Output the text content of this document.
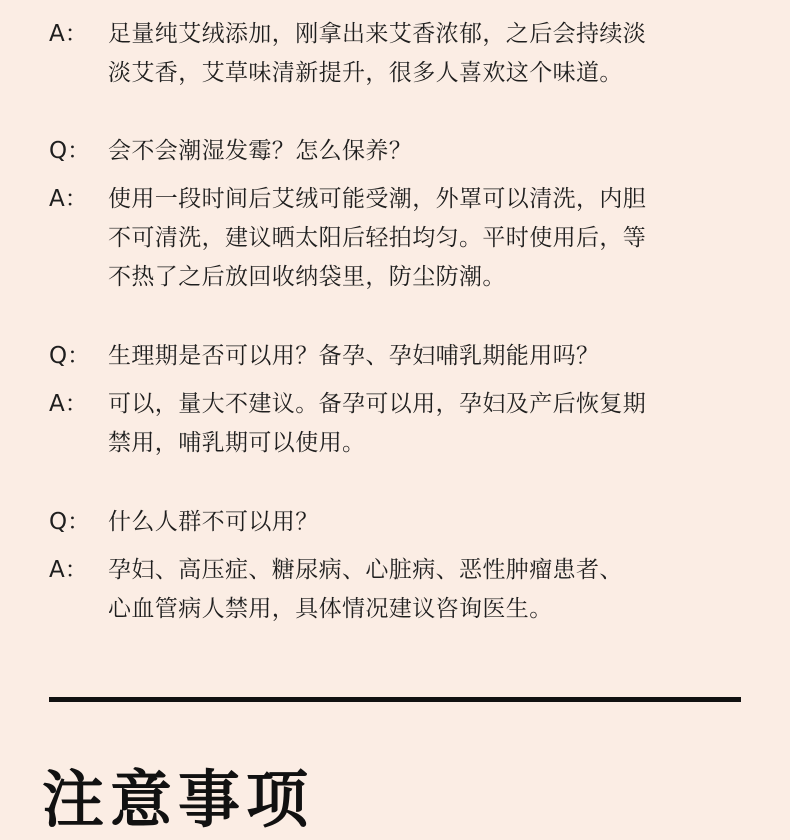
A： 足量纯艾绒添加，刚拿出来艾香浓郁，之后会持续淡
淡艾香，艾草味清新提升，很多人喜欢这个味道。
Q： 会不会潮湿发霉？怎么保养？
A： 使用一段时间后艾绒可能受潮，外罩可以清洗，内胆
不可清洗，建议晒太阳后轻拍均匀。平时使用后，等
不热了之后放回收纳袋里，防尘防潮。
Q： 生理期是否可以用？备孕、孕妇哺乳期能用吗？
A： 可以，量大不建议。备孕可以用，孕妇及产后恢复期
禁用，哺乳期可以使用。
Q： 什么人群不可以用？
A： 孕妇、高压症、糖尿病、心脏病、恶性肿瘤患者、
心血管病人禁用，具体情况建议咨询医生。
注意事项
